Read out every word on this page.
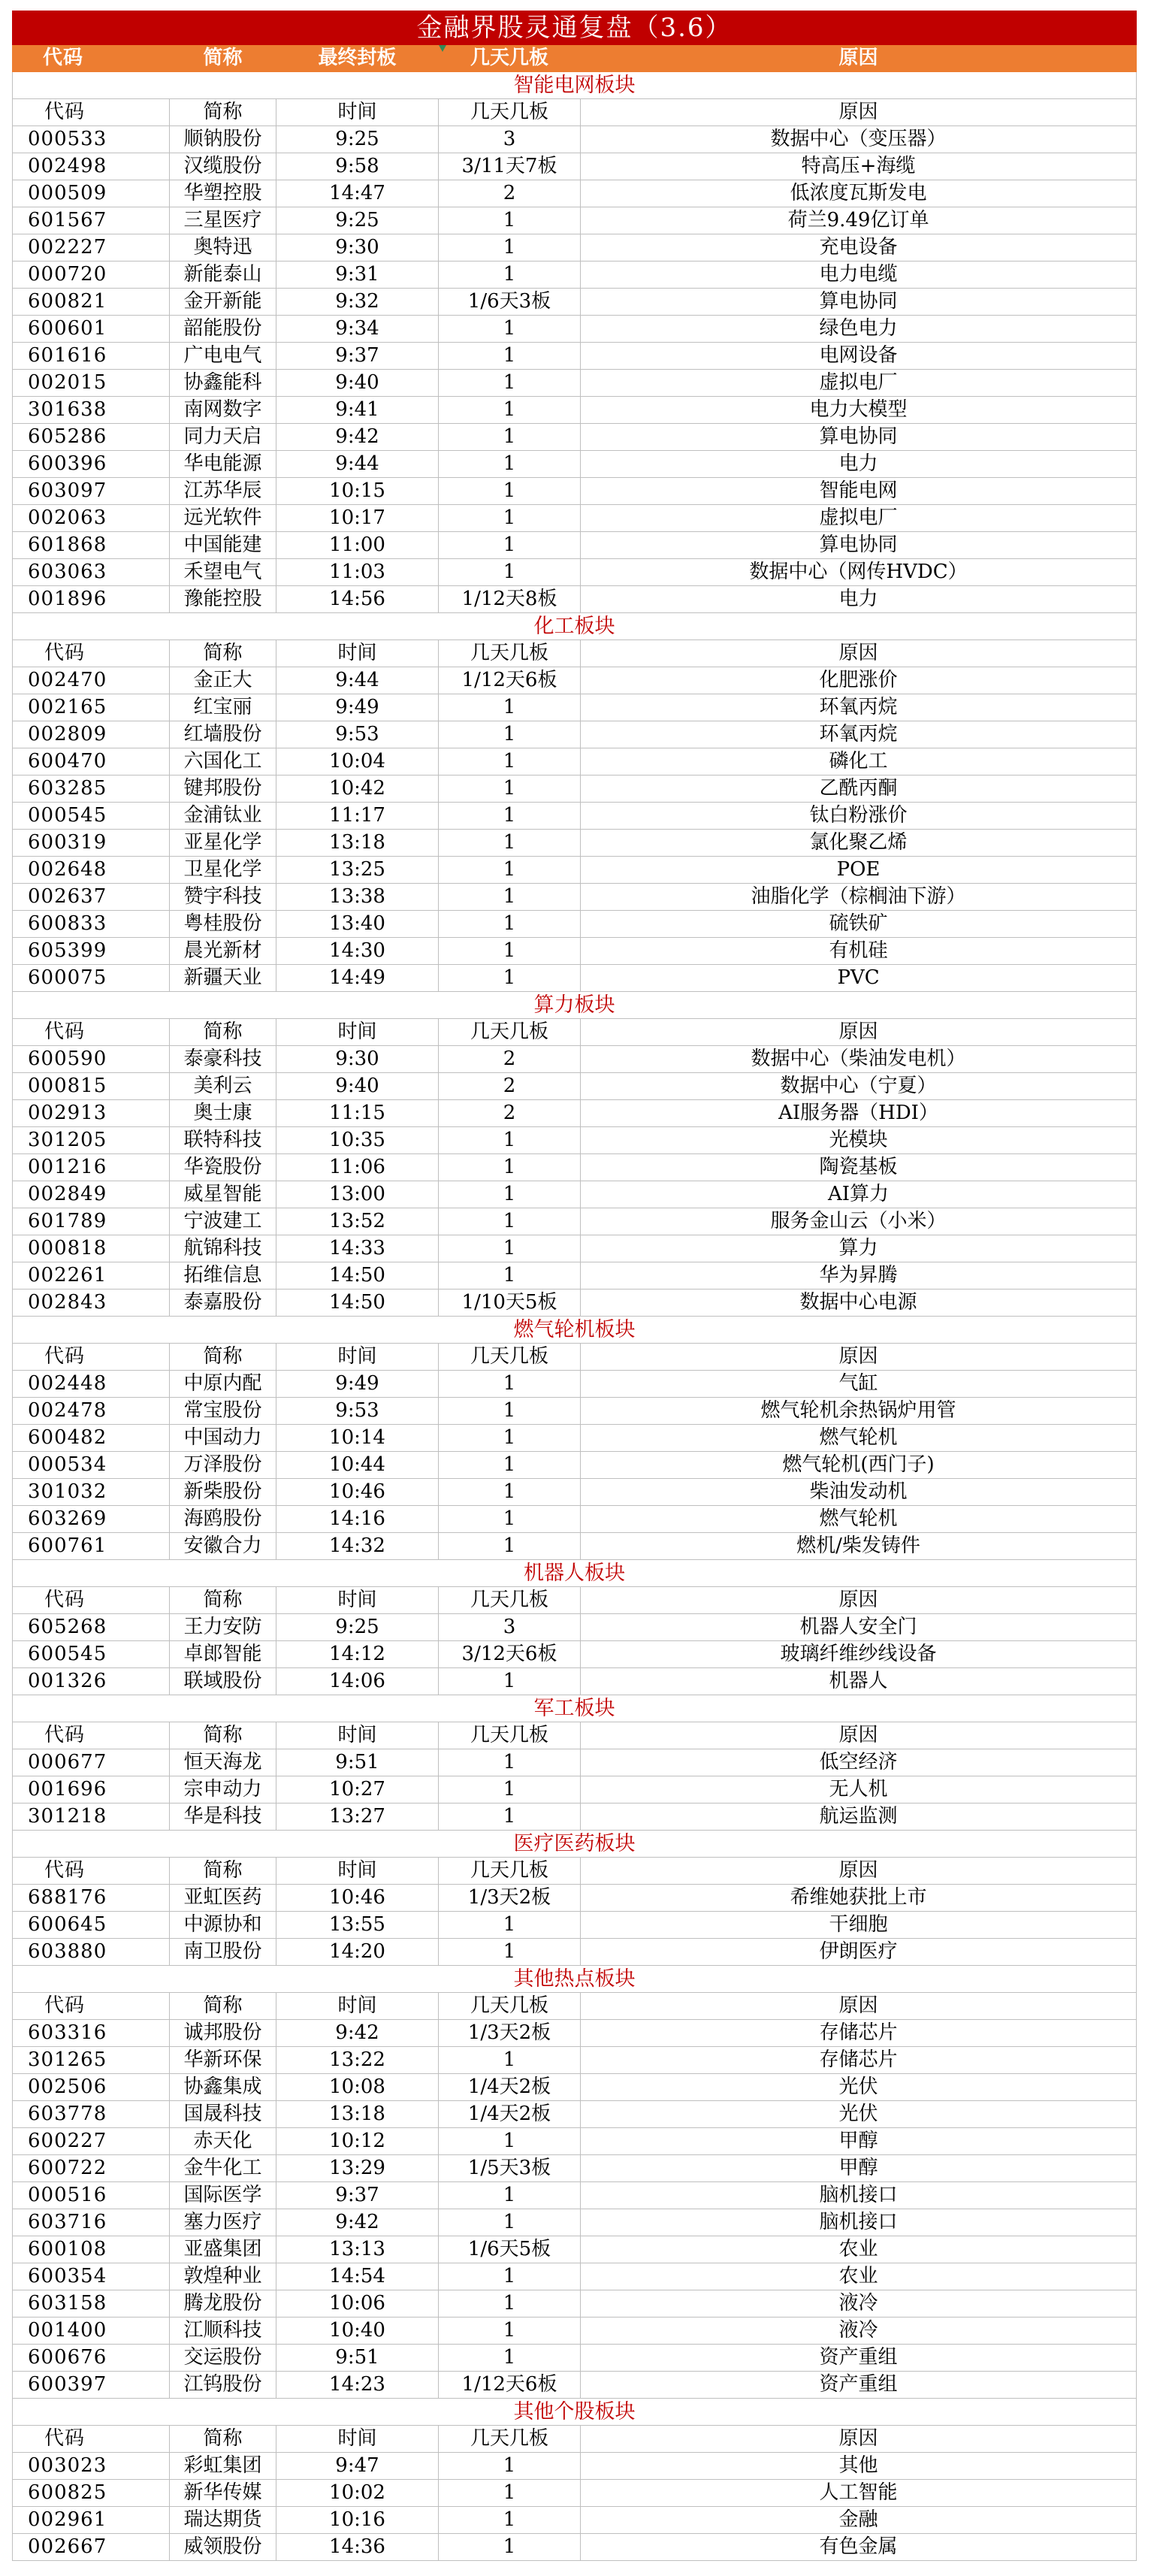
金融界股灵通复盘（3.6）				
代码	简称	最终封板	几天几板	原因
智能电网板块				
代码	简称	时间	几天几板	原因
000533	顺钠股份	9:25	3	数据中心（变压器）
002498	汉缆股份	9:58	3/11天7板	特高压+海缆
000509	华塑控股	14:47	2	低浓度瓦斯发电
601567	三星医疗	9:25	1	荷兰9.49亿订单
002227	奥特迅	9:30	1	充电设备
000720	新能泰山	9:31	1	电力电缆
600821	金开新能	9:32	1/6天3板	算电协同
600601	韶能股份	9:34	1	绿色电力
601616	广电电气	9:37	1	电网设备
002015	协鑫能科	9:40	1	虚拟电厂
301638	南网数字	9:41	1	电力大模型
605286	同力天启	9:42	1	算电协同
600396	华电能源	9:44	1	电力
603097	江苏华辰	10:15	1	智能电网
002063	远光软件	10:17	1	虚拟电厂
601868	中国能建	11:00	1	算电协同
603063	禾望电气	11:03	1	数据中心（网传HVDC）
001896	豫能控股	14:56	1/12天8板	电力
化工板块				
代码	简称	时间	几天几板	原因
002470	金正大	9:44	1/12天6板	化肥涨价
002165	红宝丽	9:49	1	环氧丙烷
002809	红墙股份	9:53	1	环氧丙烷
600470	六国化工	10:04	1	磷化工
603285	键邦股份	10:42	1	乙酰丙酮
000545	金浦钛业	11:17	1	钛白粉涨价
600319	亚星化学	13:18	1	氯化聚乙烯
002648	卫星化学	13:25	1	POE
002637	赞宇科技	13:38	1	油脂化学（棕榈油下游）
600833	粤桂股份	13:40	1	硫铁矿
605399	晨光新材	14:30	1	有机硅
600075	新疆天业	14:49	1	PVC
算力板块				
代码	简称	时间	几天几板	原因
600590	泰豪科技	9:30	2	数据中心（柴油发电机）
000815	美利云	9:40	2	数据中心（宁夏）
002913	奥士康	11:15	2	AI服务器（HDI）
301205	联特科技	10:35	1	光模块
001216	华瓷股份	11:06	1	陶瓷基板
002849	威星智能	13:00	1	AI算力
601789	宁波建工	13:52	1	服务金山云（小米）
000818	航锦科技	14:33	1	算力
002261	拓维信息	14:50	1	华为昇腾
002843	泰嘉股份	14:50	1/10天5板	数据中心电源
燃气轮机板块				
代码	简称	时间	几天几板	原因
002448	中原内配	9:49	1	气缸
002478	常宝股份	9:53	1	燃气轮机余热锅炉用管
600482	中国动力	10:14	1	燃气轮机
000534	万泽股份	10:44	1	燃气轮机(西门子)
301032	新柴股份	10:46	1	柴油发动机
603269	海鸥股份	14:16	1	燃气轮机
600761	安徽合力	14:32	1	燃机/柴发铸件
机器人板块				
代码	简称	时间	几天几板	原因
605268	王力安防	9:25	3	机器人安全门
600545	卓郎智能	14:12	3/12天6板	玻璃纤维纱线设备
001326	联域股份	14:06	1	机器人
军工板块				
代码	简称	时间	几天几板	原因
000677	恒天海龙	9:51	1	低空经济
001696	宗申动力	10:27	1	无人机
301218	华是科技	13:27	1	航运监测
医疗医药板块				
代码	简称	时间	几天几板	原因
688176	亚虹医药	10:46	1/3天2板	希维她获批上市
600645	中源协和	13:55	1	干细胞
603880	南卫股份	14:20	1	伊朗医疗
其他热点板块				
代码	简称	时间	几天几板	原因
603316	诚邦股份	9:42	1/3天2板	存储芯片
301265	华新环保	13:22	1	存储芯片
002506	协鑫集成	10:08	1/4天2板	光伏
603778	国晟科技	13:18	1/4天2板	光伏
600227	赤天化	10:12	1	甲醇
600722	金牛化工	13:29	1/5天3板	甲醇
000516	国际医学	9:37	1	脑机接口
603716	塞力医疗	9:42	1	脑机接口
600108	亚盛集团	13:13	1/6天5板	农业
600354	敦煌种业	14:54	1	农业
603158	腾龙股份	10:06	1	液冷
001400	江顺科技	10:40	1	液冷
600676	交运股份	9:51	1	资产重组
600397	江钨股份	14:23	1/12天6板	资产重组
其他个股板块				
代码	简称	时间	几天几板	原因
003023	彩虹集团	9:47	1	其他
600825	新华传媒	10:02	1	人工智能
002961	瑞达期货	10:16	1	金融
002667	威领股份	14:36	1	有色金属
